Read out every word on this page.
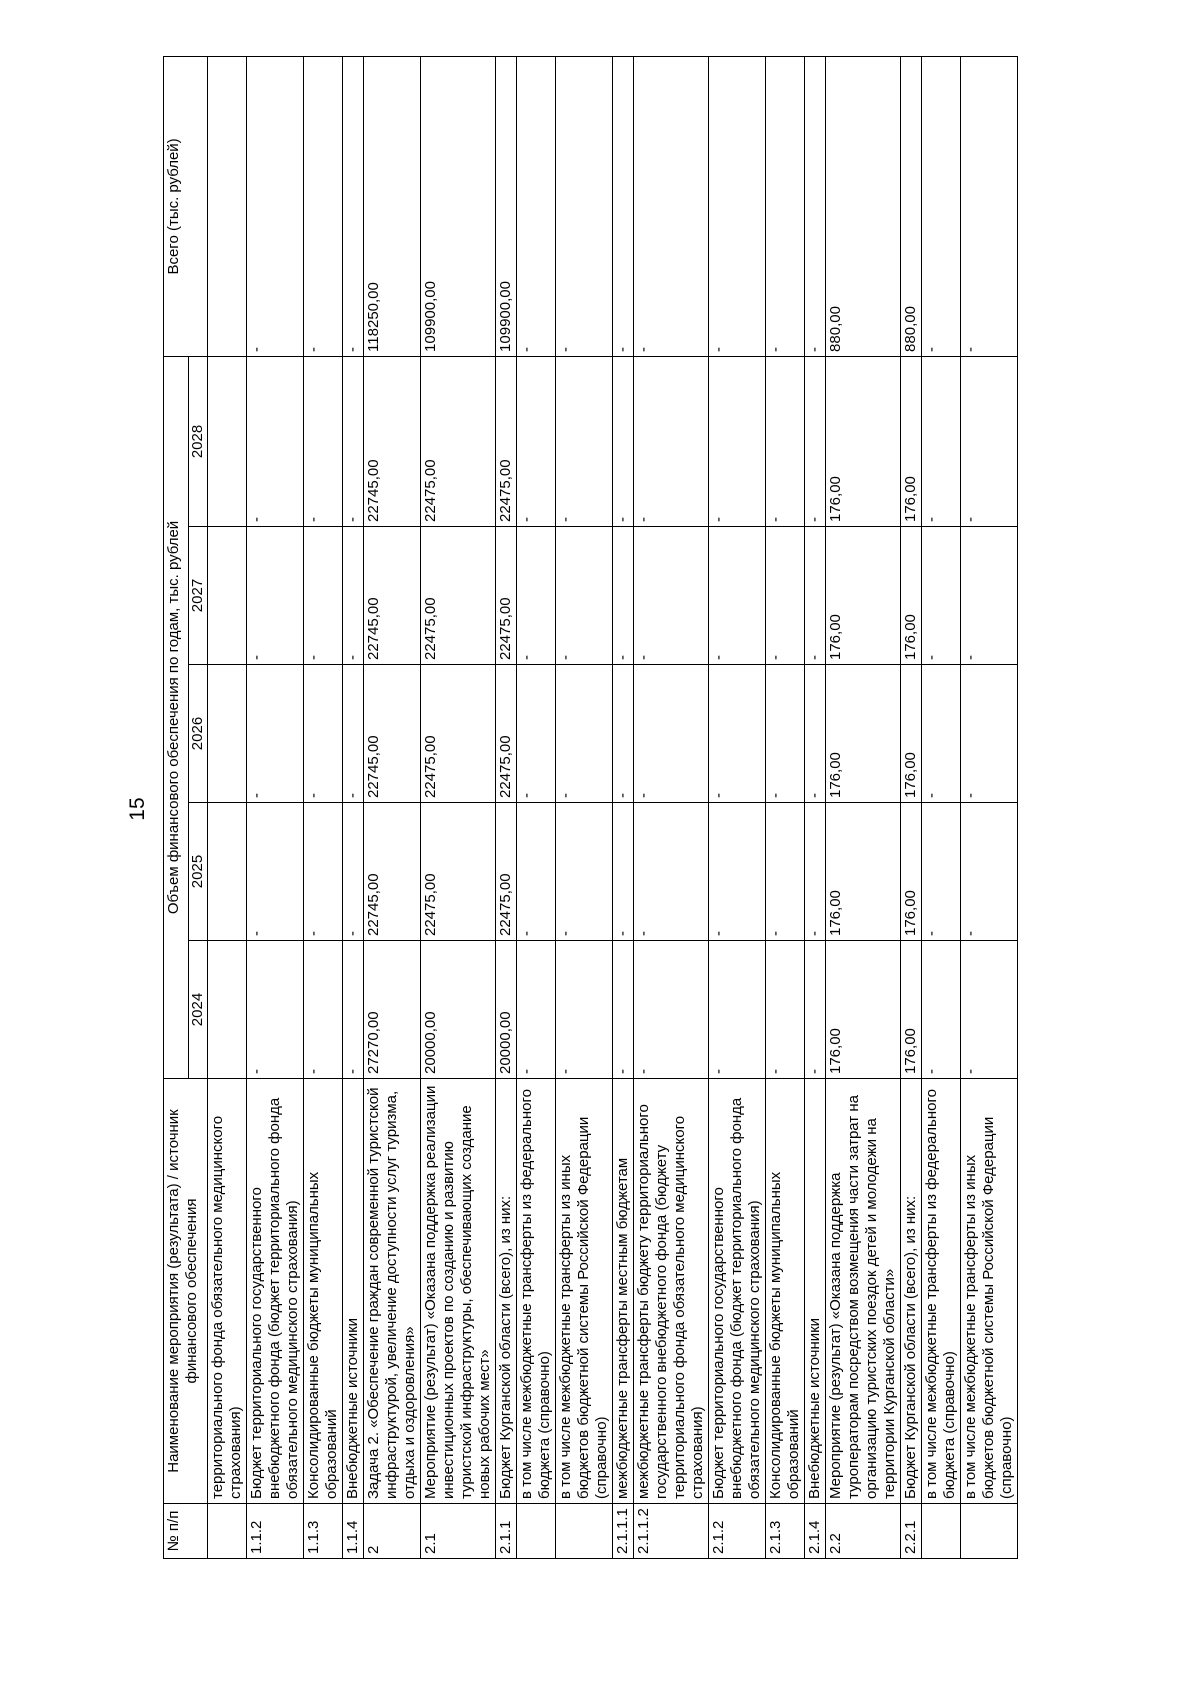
15
№ п/п	Наименование мероприятия (результата) / источник финансового обеспечения	Объем финансового обеспечения по годам, тыс. рублей					Всего (тыс. рублей)
		2024	2025	2026	2027	2028	
	территориального фонда обязательного медицинского страхования)						
1.1.2	Бюджет территориального государственного внебюджетного фонда (бюджет территориального фонда обязательного медицинского страхования)	-	-	-	-	-	-
1.1.3	Консолидированные бюджеты муниципальных образований	-	-	-	-	-	-
1.1.4	Внебюджетные источники	-	-	-	-	-	-
2	Задача 2. «Обеспечение граждан современной туристской инфраструктурой, увеличение доступности услуг туризма, отдыха и оздоровления»	27270,00	22745,00	22745,00	22745,00	22745,00	118250,00
2.1	Мероприятие (результат) «Оказана поддержка реализации инвестиционных проектов по созданию и развитию туристской инфраструктуры, обеспечивающих создание новых рабочих мест»	20000,00	22475,00	22475,00	22475,00	22475,00	109900,00
2.1.1	Бюджет Курганской области (всего), из них:	20000,00	22475,00	22475,00	22475,00	22475,00	109900,00
	в том числе межбюджетные трансферты из федерального бюджета (справочно)	-	-	-	-	-	-
	в том числе межбюджетные трансферты из иных бюджетов бюджетной системы Российской Федерации (справочно)	-	-	-	-	-	-
2.1.1.1	межбюджетные трансферты местным бюджетам	-	-	-	-	-	-
2.1.1.2	межбюджетные трансферты бюджету территориального государственного внебюджетного фонда (бюджету территориального фонда обязательного медицинского страхования)	-	-	-	-	-	-
2.1.2	Бюджет территориального государственного внебюджетного фонда (бюджет территориального фонда обязательного медицинского страхования)	-	-	-	-	-	-
2.1.3	Консолидированные бюджеты муниципальных образований	-	-	-	-	-	-
2.1.4	Внебюджетные источники	-	-	-	-	-	-
2.2	Мероприятие (результат) «Оказана поддержка туроператорам посредством возмещения части затрат на организацию туристских поездок детей и молодежи на территории Курганской области»	176,00	176,00	176,00	176,00	176,00	880,00
2.2.1	Бюджет Курганской области (всего), из них:	176,00	176,00	176,00	176,00	176,00	880,00
	в том числе межбюджетные трансферты из федерального бюджета (справочно)	-	-	-	-	-	-
	в том числе межбюджетные трансферты из иных бюджетов бюджетной системы Российской Федерации (справочно)	-	-	-	-	-	-
